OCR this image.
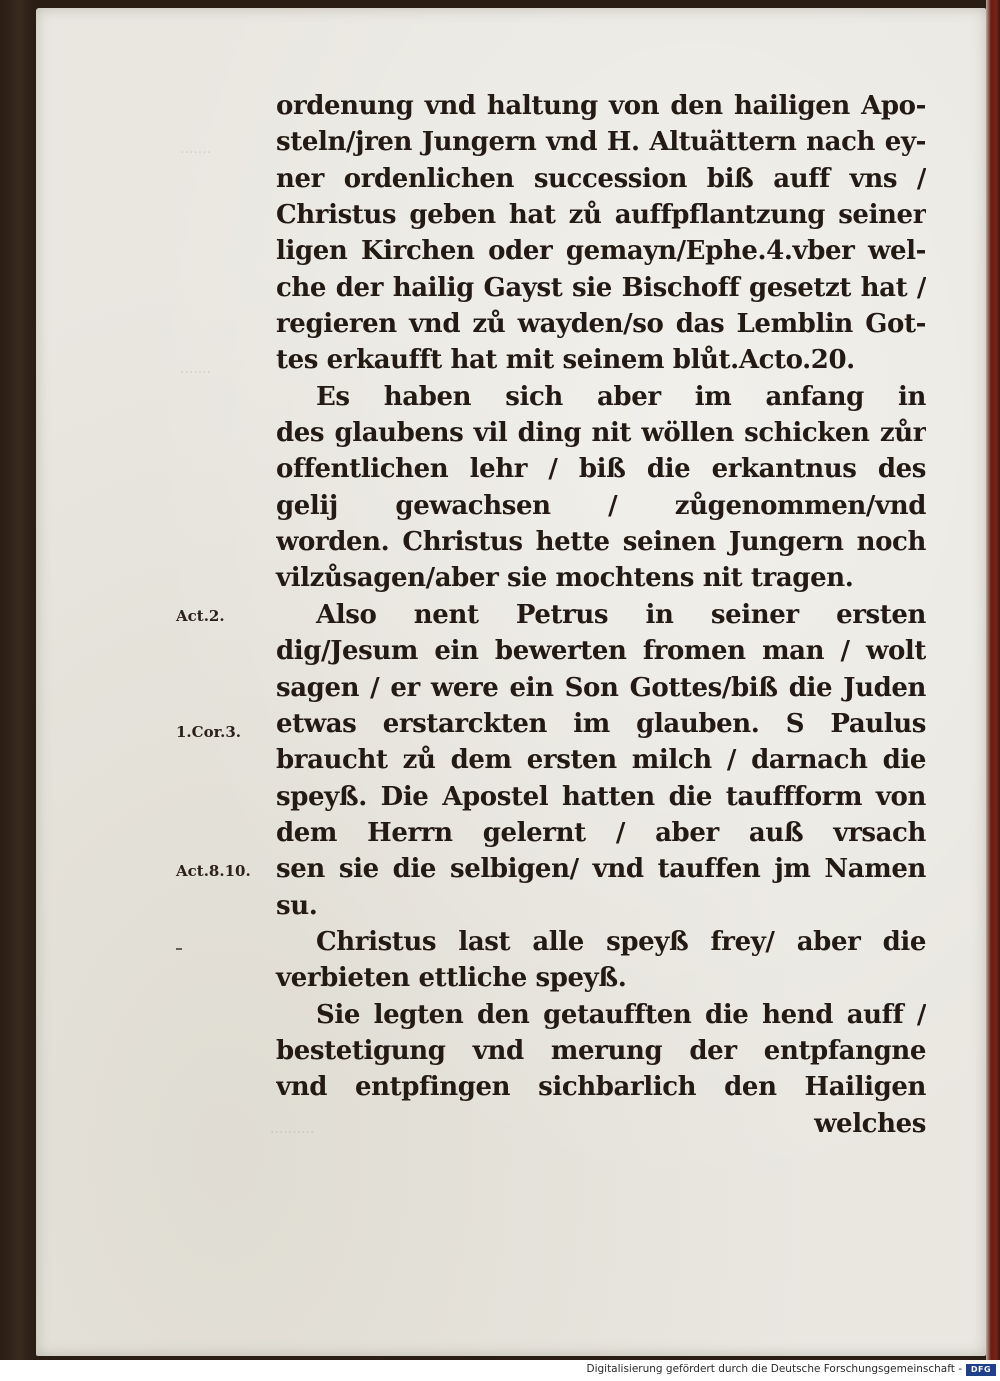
·······
·······
··········
ordenung vnd haltung von den hailigen Apo-
steln/jren Jungern vnd H. Altuättern nach ey-
ner ordenlichen succession biß auff vns /
Christus geben hat zů auffpflantzung seiner
ligen Kirchen oder gemayn/Ephe.4.vber wel-
che der hailig Gayst sie Bischoff gesetzt hat /
regieren vnd zů wayden/so das Lemblin Got-
tes erkaufft hat mit seinem blůt.Acto.20.
Es haben sich aber im anfang in
des glaubens vil ding nit wöllen schicken zůr
offentlichen lehr / biß die erkantnus des
gelij gewachsen / zůgenommen/vnd
worden. Christus hette seinen Jungern noch
vilzůsagen/aber sie mochtens nit tragen.
Also nent Petrus in seiner ersten
dig/Jesum ein bewerten fromen man / wolt
sagen / er were ein Son Gottes/biß die Juden
etwas erstarckten im glauben. S Paulus
braucht zů dem ersten milch / darnach die
speyß. Die Apostel hatten die tauffform von
dem Herrn gelernt / aber auß vrsach
sen sie die selbigen/ vnd tauffen jm Namen
su.
Christus last alle speyß frey/ aber die
verbieten ettliche speyß.
Sie legten den getaufften die hend auff /
bestetigung vnd merung der entpfangne
vnd entpfingen sichbarlich den Hailigen
welches
Act.2.
1.Cor.3.
Act.8.10.
Digitalisierung gefördert durch die Deutsche Forschungsgemeinschaft -	DFG
